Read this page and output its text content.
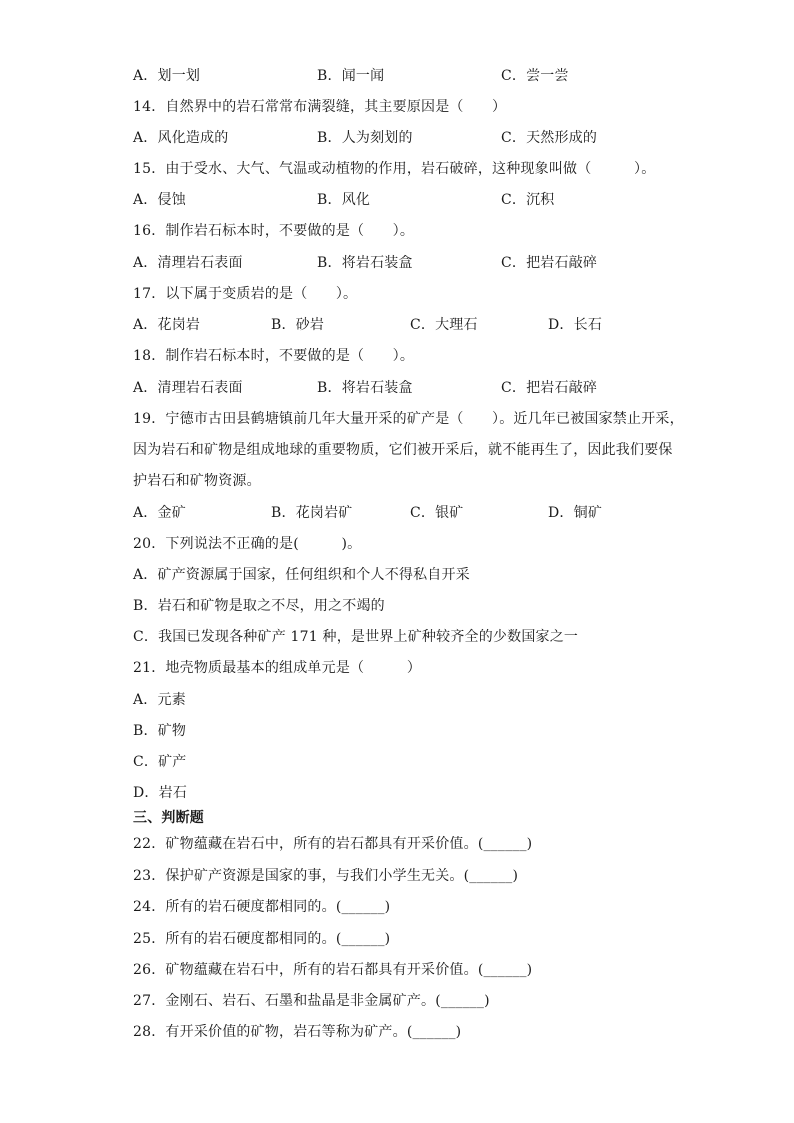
A．划一划	B．闻一闻	C．尝一尝
14．自然界中的岩石常常布满裂缝，其主要原因是（　　）
A．风化造成的	B．人为刻划的	C．天然形成的
15．由于受水、大气、气温或动植物的作用，岩石破碎，这种现象叫做（　　　）。
A．侵蚀	B．风化	C．沉积
16．制作岩石标本时，不要做的是（　　）。
A．清理岩石表面	B．将岩石装盒	C．把岩石敲碎
17．以下属于变质岩的是（　　）。
A．花岗岩	B．砂岩	C．大理石	D．长石
18．制作岩石标本时，不要做的是（　　）。
A．清理岩石表面	B．将岩石装盒	C．把岩石敲碎
19．宁德市古田县鹤塘镇前几年大量开采的矿产是（　　）。近几年已被国家禁止开采，
因为岩石和矿物是组成地球的重要物质，它们被开采后，就不能再生了，因此我们要保
护岩石和矿物资源。
A．金矿	B．花岗岩矿	C．银矿	D．铜矿
20．下列说法不正确的是(　　　)。
A．矿产资源属于国家，任何组织和个人不得私自开采
B．岩石和矿物是取之不尽，用之不竭的
C．我国已发现各种矿产 171 种，是世界上矿种较齐全的少数国家之一
21．地壳物质最基本的组成单元是（　　　）
A．元素
B．矿物
C．矿产
D．岩石
三、判断题
22．矿物蕴藏在岩石中，所有的岩石都具有开采价值。(______)
23．保护矿产资源是国家的事，与我们小学生无关。(______)
24．所有的岩石硬度都相同的。(______)
25．所有的岩石硬度都相同的。(______)
26．矿物蕴藏在岩石中，所有的岩石都具有开采价值。(______)
27．金刚石、岩石、石墨和盐晶是非金属矿产。(______)
28．有开采价值的矿物，岩石等称为矿产。(______)
